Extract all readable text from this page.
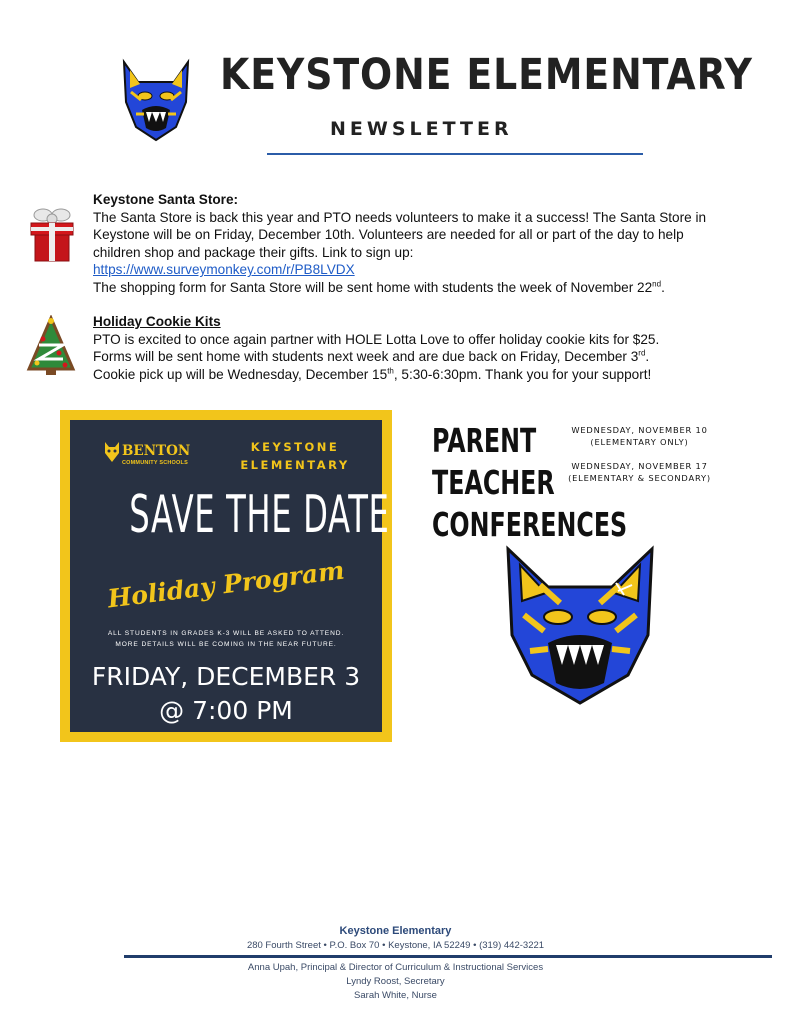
KEYSTONE ELEMENTARY
NEWSLETTER
Keystone Santa Store:
The Santa Store is back this year and PTO needs volunteers to make it a success! The Santa Store in Keystone will be on Friday, December 10th. Volunteers are needed for all or part of the day to help children shop and package their gifts. Link to sign up:
https://www.surveymonkey.com/r/PB8LVDX
The shopping form for Santa Store will be sent home with students the week of November 22nd.
Holiday Cookie Kits
PTO is excited to once again partner with HOLE Lotta Love to offer holiday cookie kits for $25.
Forms will be sent home with students next week and are due back on Friday, December 3rd.
Cookie pick up will be Wednesday, December 15th, 5:30-6:30pm. Thank you for your support!
BENTON
COMMUNITY SCHOOLS
KEYSTONE
ELEMENTARY
SAVE THE DATE
Holiday Program
ALL STUDENTS IN GRADES K-3 WILL BE ASKED TO ATTEND.
MORE DETAILS WILL BE COMING IN THE NEAR FUTURE.
FRIDAY, DECEMBER 3
@ 7:00 PM
PARENT
TEACHER
CONFERENCES
WEDNESDAY, NOVEMBER 10
(ELEMENTARY ONLY)
WEDNESDAY, NOVEMBER 17
(ELEMENTARY & SECONDARY)
Keystone Elementary
280 Fourth Street • P.O. Box 70 • Keystone, IA 52249 • (319) 442-3221
Anna Upah, Principal & Director of Curriculum & Instructional Services
Lyndy Roost, Secretary
Sarah White, Nurse
